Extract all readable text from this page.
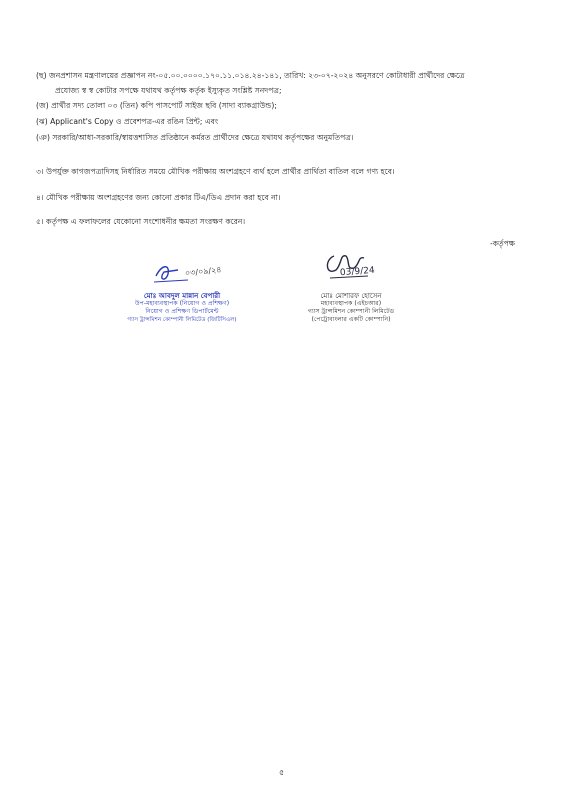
(ছ) জনপ্রশাসন মন্ত্রণালয়ের প্রজ্ঞাপন নং-০৫.০০.০০০০.১৭০.১১.০১৪.২৪-১৪১, তারিখ: ২৩-০৭-২০২৪ অনুসরণে কোটাধারী প্রার্থীদের ক্ষেত্রে
প্রযোজ্য স্ব স্ব কোটার সপক্ষে যথাযথ কর্তৃপক্ষ কর্তৃক ইস্যুকৃত সংশ্লিষ্ট সনদপত্র;
(জ) প্রার্থীর সদ্য তোলা ০৩ (তিন) কপি পাসপোর্ট সাইজ ছবি (সাদা ব্যাকগ্রাউন্ড);
(ঝ) Applicant's Copy ও প্রবেশপত্র-এর রঙিন প্রিন্ট; এবং
(ঞ) সরকারি/আধা-সরকারি/স্বায়ত্তশাসিত প্রতিষ্ঠানে কর্মরত প্রার্থীদের ক্ষেত্রে যথাযথ কর্তৃপক্ষের অনুমতিপত্র।
৩। উপর্যুক্ত কাগজপত্রাদিসহ নির্ধারিত সময়ে মৌখিক পরীক্ষায় অংশগ্রহণে ব্যর্থ হলে প্রার্থীর প্রার্থিতা বাতিল বলে গণ্য হবে।
৪। মৌখিক পরীক্ষায় অংশগ্রহণের জন্য কোনো প্রকার টিএ/ডিএ প্রদান করা হবে না।
৫। কর্তৃপক্ষ এ ফলাফলের যেকোনো সংশোধনীর ক্ষমতা সংরক্ষণ করেন।
-কর্তৃপক্ষ
০৩/০৯/২৪
মোঃ আবদুল মান্নান বেপারী
উপ-মহাব্যবস্থাপক (নিয়োগ ও প্রশিক্ষণ)
নিয়োগ ও প্রশিক্ষণ ডিপার্টমেন্ট
গ্যাস ট্রান্সমিশন কোম্পানী লিমিটেড (জিটিসিএল)
03/9/24
মোঃ মোশারফ হোসেন
মহাব্যবস্থাপক (এইচআর)
গ্যাস ট্রান্সমিশন কোম্পানী লিমিটেড
(পেট্রোবাংলার একটি কোম্পানি)
৫
